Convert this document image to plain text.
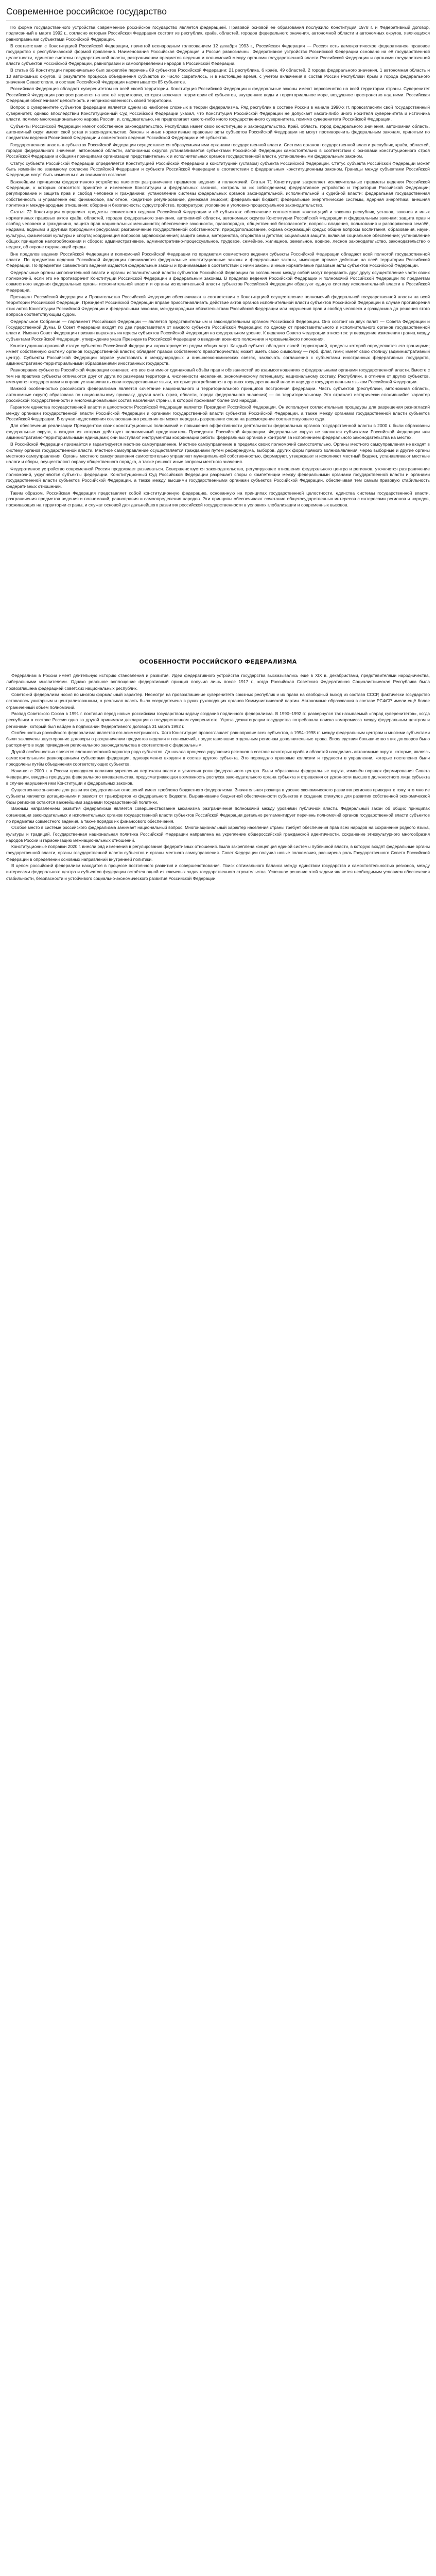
Современное российское государство

По форме государственного устройства современное российское государство является федерацией. Правовой основой её образования послужило Конституция 1978 г. и Федеративный договор, подписанный в марте 1992 г., согласно которым Российская Федерация состоит из республик, краёв, областей, городов федерального значения, автономной области и автономных округов, являющихся равноправными субъектами Российской Федерации.

В соответствии с Конституцией Российской Федерации, принятой всенародным голосованием 12 декабря 1993 г., Российская Федерация — Россия есть демократическое федеративное правовое государство с республиканской формой правления. Наименования Российская Федерация и Россия равнозначны. Федеративное устройство Российской Федерации основано на её государственной целостности, единстве системы государственной власти, разграничении предметов ведения и полномочий между органами государственной власти Российской Федерации и органами государственной власти субъектов Российской Федерации, равноправии и самоопределении народов в Российской Федерации.

В статье 65 Конституции первоначально был закреплён перечень 89 субъектов Российской Федерации: 21 республика, 6 краёв, 49 областей, 2 города федерального значения, 1 автономная область и 10 автономных округов. В результате процесса объединения субъектов их число сократилось, и в настоящее время, с учётом включения в состав России Республики Крым и города федерального значения Севастополя, в составе Российской Федерации насчитывается 85 субъектов.

Российская Федерация обладает суверенитетом на всей своей территории. Конституция Российской Федерации и федеральные законы имеют верховенство на всей территории страны. Суверенитет Российской Федерации распространяется на всю её территорию, которая включает территории её субъектов, внутренние воды и территориальное море, воздушное пространство над ними. Российская Федерация обеспечивает целостность и неприкосновенность своей территории.

Вопрос о суверенитете субъектов федерации является одним из наиболее сложных в теории федерализма. Ряд республик в составе России в начале 1990-х гг. провозгласили свой государственный суверенитет, однако впоследствии Конституционный Суд Российской Федерации указал, что Конституция Российской Федерации не допускает какого-либо иного носителя суверенитета и источника власти, помимо многонационального народа России, и, следовательно, не предполагает какого-либо иного государственного суверенитета, помимо суверенитета Российской Федерации.

Субъекты Российской Федерации имеют собственное законодательство. Республика имеет свою конституцию и законодательство. Край, область, город федерального значения, автономная область, автономный округ имеют свой устав и законодательство. Законы и иные нормативные правовые акты субъектов Российской Федерации не могут противоречить федеральным законам, принятым по предметам ведения Российской Федерации и совместного ведения Российской Федерации и её субъектов.

Государственная власть в субъектах Российской Федерации осуществляется образуемыми ими органами государственной власти. Система органов государственной власти республик, краёв, областей, городов федерального значения, автономной области, автономных округов устанавливается субъектами Российской Федерации самостоятельно в соответствии с основами конституционного строя Российской Федерации и общими принципами организации представительных и исполнительных органов государственной власти, установленными федеральным законом.

Статус субъекта Российской Федерации определяется Конституцией Российской Федерации и конституцией (уставом) субъекта Российской Федерации. Статус субъекта Российской Федерации может быть изменён по взаимному согласию Российской Федерации и субъекта Российской Федерации в соответствии с федеральным конституционным законом. Границы между субъектами Российской Федерации могут быть изменены с их взаимного согласия.

Важнейшим принципом федеративного устройства является разграничение предметов ведения и полномочий. Статья 71 Конституции закрепляет исключительные предметы ведения Российской Федерации, к которым относятся: принятие и изменение Конституции и федеральных законов, контроль за их соблюдением; федеративное устройство и территория Российской Федерации; регулирование и защита прав и свобод человека и гражданина; установление системы федеральных органов законодательной, исполнительной и судебной власти; федеральная государственная собственность и управление ею; финансовое, валютное, кредитное регулирование, денежная эмиссия; федеральный бюджет; федеральные энергетические системы, ядерная энергетика; внешняя политика и международные отношения; оборона и безопасность; судоустройство, прокуратура; уголовное и уголовно-процессуальное законодательство.

Статья 72 Конституции определяет предметы совместного ведения Российской Федерации и её субъектов: обеспечение соответствия конституций и законов республик, уставов, законов и иных нормативных правовых актов краёв, областей, городов федерального значения, автономной области, автономных округов Конституции Российской Федерации и федеральным законам; защита прав и свобод человека и гражданина, защита прав национальных меньшинств; обеспечение законности, правопорядка, общественной безопасности; вопросы владения, пользования и распоряжения землёй, недрами, водными и другими природными ресурсами; разграничение государственной собственности; природопользование, охрана окружающей среды; общие вопросы воспитания, образования, науки, культуры, физической культуры и спорта; координация вопросов здравоохранения; защита семьи, материнства, отцовства и детства; социальная защита, включая социальное обеспечение; установление общих принципов налогообложения и сборов; административное, административно-процессуальное, трудовое, семейное, жилищное, земельное, водное, лесное законодательство, законодательство о недрах, об охране окружающей среды.

Вне пределов ведения Российской Федерации и полномочий Российской Федерации по предметам совместного ведения субъекты Российской Федерации обладают всей полнотой государственной власти. По предметам ведения Российской Федерации принимаются федеральные конституционные законы и федеральные законы, имеющие прямое действие на всей территории Российской Федерации. По предметам совместного ведения издаются федеральные законы и принимаемые в соответствии с ними законы и иные нормативные правовые акты субъектов Российской Федерации.

Федеральные органы исполнительной власти и органы исполнительной власти субъектов Российской Федерации по соглашению между собой могут передавать друг другу осуществление части своих полномочий, если это не противоречит Конституции Российской Федерации и федеральным законам. В пределах ведения Российской Федерации и полномочий Российской Федерации по предметам совместного ведения федеральные органы исполнительной власти и органы исполнительной власти субъектов Российской Федерации образуют единую систему исполнительной власти в Российской Федерации.

Президент Российской Федерации и Правительство Российской Федерации обеспечивают в соответствии с Конституцией осуществление полномочий федеральной государственной власти на всей территории Российской Федерации. Президент Российской Федерации вправе приостанавливать действие актов органов исполнительной власти субъектов Российской Федерации в случае противоречия этих актов Конституции Российской Федерации и федеральным законам, международным обязательствам Российской Федерации или нарушения прав и свобод человека и гражданина до решения этого вопроса соответствующим судом.

Федеральное Собрание — парламент Российской Федерации — является представительным и законодательным органом Российской Федерации. Оно состоит из двух палат — Совета Федерации и Государственной Думы. В Совет Федерации входят по два представителя от каждого субъекта Российской Федерации: по одному от представительного и исполнительного органов государственной власти. Именно Совет Федерации призван выражать интересы субъектов Российской Федерации на федеральном уровне. К ведению Совета Федерации относятся: утверждение изменения границ между субъектами Российской Федерации, утверждение указа Президента Российской Федерации о введении военного положения и чрезвычайного положения.

Конституционно-правовой статус субъектов Российской Федерации характеризуется рядом общих черт. Каждый субъект обладает своей территорией, пределы которой определяются его границами; имеет собственную систему органов государственной власти; обладает правом собственного правотворчества; может иметь свою символику — герб, флаг, гимн; имеет свою столицу (административный центр). Субъекты Российской Федерации вправе участвовать в международных и внешнеэкономических связях, заключать соглашения с субъектами иностранных федеративных государств, административно-территориальными образованиями иностранных государств.

Равноправие субъектов Российской Федерации означает, что все они имеют одинаковый объём прав и обязанностей во взаимоотношениях с федеральными органами государственной власти. Вместе с тем на практике субъекты отличаются друг от друга по размерам территории, численности населения, экономическому потенциалу, национальному составу. Республики, в отличие от других субъектов, именуются государствами и вправе устанавливать свои государственные языки, которые употребляются в органах государственной власти наряду с государственным языком Российской Федерации.

Важной особенностью российского федерализма является сочетание национального и территориального принципов построения федерации. Часть субъектов (республики, автономная область, автономные округа) образована по национальному признаку, другая часть (края, области, города федерального значения) — по территориальному. Это отражает исторически сложившийся характер российской государственности и многонациональный состав населения страны, в которой проживает более 190 народов.

Гарантом единства государственной власти и целостности Российской Федерации является Президент Российской Федерации. Он использует согласительные процедуры для разрешения разногласий между органами государственной власти Российской Федерации и органами государственной власти субъектов Российской Федерации, а также между органами государственной власти субъектов Российской Федерации. В случае недостижения согласованного решения он может передать разрешение спора на рассмотрение соответствующего суда.

Для обеспечения реализации Президентом своих конституционных полномочий и повышения эффективности деятельности федеральных органов государственной власти в 2000 г. были образованы федеральные округа, в каждом из которых действует полномочный представитель Президента Российской Федерации. Федеральные округа не являются субъектами Российской Федерации или административно-территориальными единицами; они выступают инструментом координации работы федеральных органов и контроля за исполнением федерального законодательства на местах.

В Российской Федерации признаётся и гарантируется местное самоуправление. Местное самоуправление в пределах своих полномочий самостоятельно. Органы местного самоуправления не входят в систему органов государственной власти. Местное самоуправление осуществляется гражданами путём референдума, выборов, других форм прямого волеизъявления, через выборные и другие органы местного самоуправления. Органы местного самоуправления самостоятельно управляют муниципальной собственностью, формируют, утверждают и исполняют местный бюджет, устанавливают местные налоги и сборы, осуществляют охрану общественного порядка, а также решают иные вопросы местного значения.

Федеративное устройство современной России продолжает развиваться. Совершенствуется законодательство, регулирующее отношения федерального центра и регионов, уточняется разграничение полномочий, укрупняются субъекты федерации. Конституционный Суд Российской Федерации разрешает споры о компетенции между федеральными органами государственной власти и органами государственной власти субъектов Российской Федерации, а также между высшими государственными органами субъектов Российской Федерации, обеспечивая тем самым правовую стабильность федеративных отношений.

Таким образом, Российская Федерация представляет собой конституционную федерацию, основанную на принципах государственной целостности, единства системы государственной власти, разграничения предметов ведения и полномочий, равноправия и самоопределения народов. Эти принципы обеспечивают сочетание общегосударственных интересов с интересами регионов и народов, проживающих на территории страны, и служат основой для дальнейшего развития российской государственности в условиях глобализации и современных вызовов.

ОСОБЕННОСТИ РОССИЙСКОГО ФЕДЕРАЛИЗМА

Федерализм в России имеет длительную историю становления и развития. Идеи федеративного устройства государства высказывались ещё в XIX в. декабристами, представителями народничества, либеральными мыслителями. Однако реальное воплощение федеративный принцип получил лишь после 1917 г., когда Российская Советская Федеративная Социалистическая Республика была провозглашена федерацией советских национальных республик.

Советский федерализм носил во многом формальный характер. Несмотря на провозглашение суверенитета союзных республик и их права на свободный выход из состава СССР, фактически государство оставалось унитарным и централизованным, а реальная власть была сосредоточена в руках руководящих органов Коммунистической партии. Автономные образования в составе РСФСР имели ещё более ограниченный объём полномочий.

Распад Советского Союза в 1991 г. поставил перед новым российским государством задачу создания подлинного федерализма. В 1990–1992 гг. развернулся так называемый «парад суверенитетов», когда республики в составе России одна за другой принимали декларации о государственном суверенитете. Угроза дезинтеграции государства потребовала поиска компромисса между федеральным центром и регионами, который был найден в подписании Федеративного договора 31 марта 1992 г.

Особенностью российского федерализма является его асимметричность. Хотя Конституция провозглашает равноправие всех субъектов, в 1994–1998 гг. между федеральным центром и многими субъектами были заключены двусторонние договоры о разграничении предметов ведения и полномочий, предоставлявшие отдельным регионам дополнительные права. Впоследствии большинство этих договоров было расторгнуто в ходе приведения регионального законодательства в соответствие с федеральным.

Другой особенностью является сложносоставной характер ряда субъектов. До начала процесса укрупнения регионов в составе некоторых краёв и областей находились автономные округа, которые, являясь самостоятельными равноправными субъектами федерации, одновременно входили в состав другого субъекта. Это порождало правовые коллизии и трудности в управлении, которые постепенно были преодолены путём объединения соответствующих субъектов.

Начиная с 2000 г. в России проводится политика укрепления вертикали власти и усиления роли федерального центра. Были образованы федеральные округа, изменён порядок формирования Совета Федерации, введена процедура федерального вмешательства, предусматривающая возможность роспуска законодательного органа субъекта и отрешения от должности высшего должностного лица субъекта в случае нарушения ими Конституции и федеральных законов.

Существенное значение для развития федеративных отношений имеет проблема бюджетного федерализма. Значительная разница в уровне экономического развития регионов приводит к тому, что многие субъекты являются дотационными и зависят от трансфертов из федерального бюджета. Выравнивание бюджетной обеспеченности субъектов и создание стимулов для развития собственной экономической базы регионов остаются важнейшими задачами государственной политики.

Важным направлением развития федерализма является совершенствование механизма разграничения полномочий между уровнями публичной власти. Федеральный закон об общих принципах организации законодательных и исполнительных органов государственной власти субъектов Российской Федерации детально регламентирует перечень полномочий органов государственной власти субъектов по предметам совместного ведения, а также порядок их финансового обеспечения.

Особое место в системе российского федерализма занимает национальный вопрос. Многонациональный характер населения страны требует обеспечения прав всех народов на сохранение родного языка, культуры и традиций. Государственная национальная политика Российской Федерации направлена на укрепление общероссийской гражданской идентичности, сохранение этнокультурного многообразия народов России и гармонизацию межнациональных отношений.

Конституционные поправки 2020 г. внесли ряд изменений в регулирование федеративных отношений. Была закреплена концепция единой системы публичной власти, в которую входят федеральные органы государственной власти, органы государственной власти субъектов и органы местного самоуправления. Совет Федерации получил новые полномочия, расширена роль Государственного Совета Российской Федерации в определении основных направлений внутренней политики.

В целом российский федерализм находится в процессе постоянного развития и совершенствования. Поиск оптимального баланса между единством государства и самостоятельностью регионов, между интересами федерального центра и субъектов федерации остаётся одной из ключевых задач государственного строительства. Успешное решение этой задачи является необходимым условием обеспечения стабильности, безопасности и устойчивого социально-экономического развития Российской Федерации.
